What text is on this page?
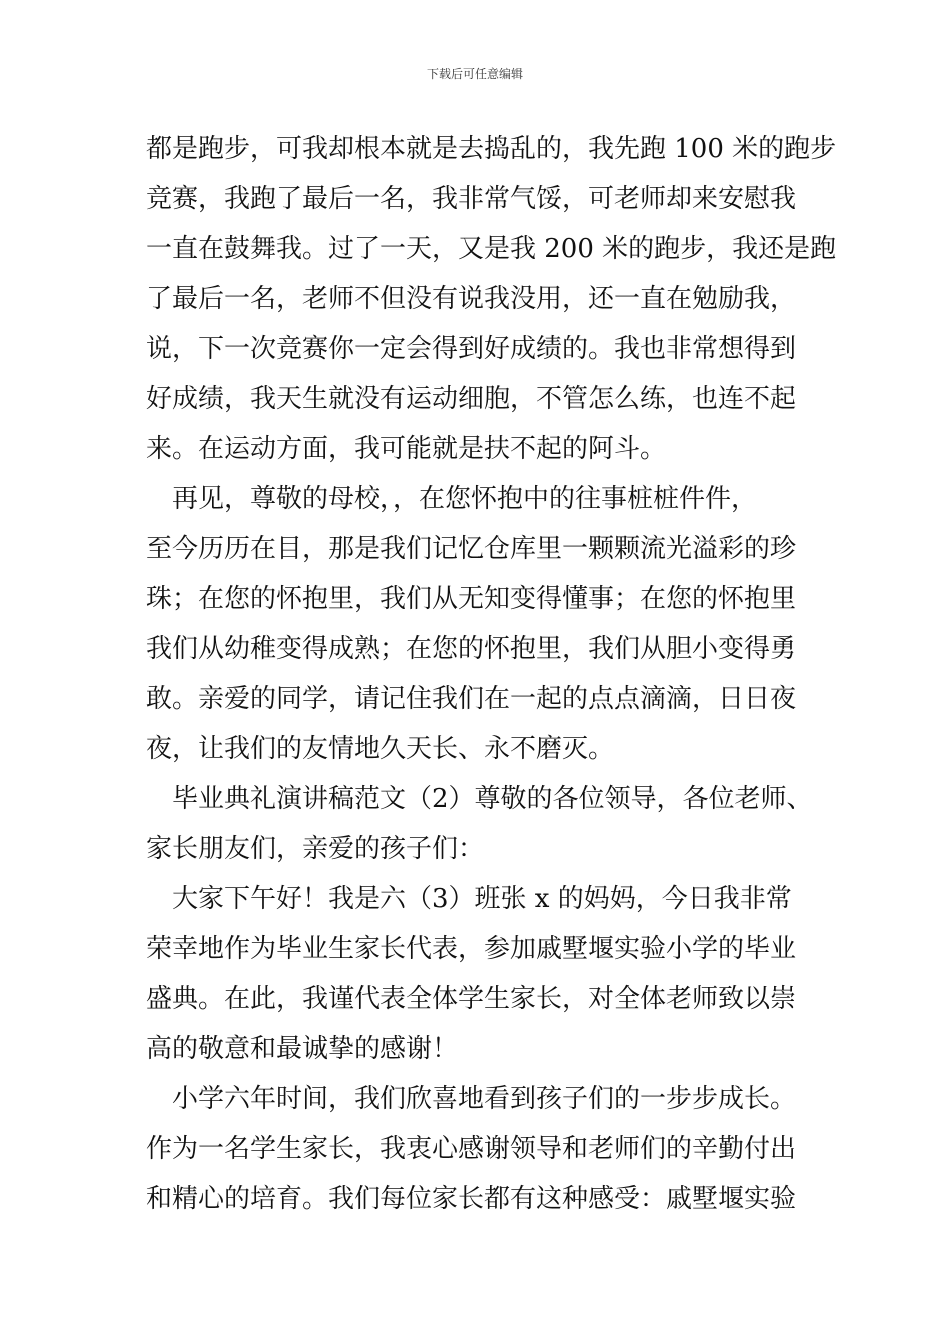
下载后可任意编辑
都是跑步，可我却根本就是去捣乱的，我先跑 100 米的跑步
竞赛，我跑了最后一名，我非常气馁，可老师却来安慰我
一直在鼓舞我。过了一天，又是我 200 米的跑步，我还是跑
了最后一名，老师不但没有说我没用，还一直在勉励我，
说，下一次竞赛你一定会得到好成绩的。我也非常想得到
好成绩，我天生就没有运动细胞，不管怎么练，也连不起
来。在运动方面，我可能就是扶不起的阿斗。
　再见，尊敬的母校，，在您怀抱中的往事桩桩件件，
至今历历在目，那是我们记忆仓库里一颗颗流光溢彩的珍
珠；在您的怀抱里，我们从无知变得懂事；在您的怀抱里
我们从幼稚变得成熟；在您的怀抱里，我们从胆小变得勇
敢。亲爱的同学，请记住我们在一起的点点滴滴，日日夜
夜，让我们的友情地久天长、永不磨灭。
　毕业典礼演讲稿范文（2）尊敬的各位领导，各位老师、
家长朋友们，亲爱的孩子们：
　大家下午好！我是六（3）班张 x 的妈妈，今日我非常
荣幸地作为毕业生家长代表，参加戚墅堰实验小学的毕业
盛典。在此，我谨代表全体学生家长，对全体老师致以崇
高的敬意和最诚挚的感谢！
　小学六年时间，我们欣喜地看到孩子们的一步步成长。
作为一名学生家长，我衷心感谢领导和老师们的辛勤付出
和精心的培育。我们每位家长都有这种感受：戚墅堰实验
